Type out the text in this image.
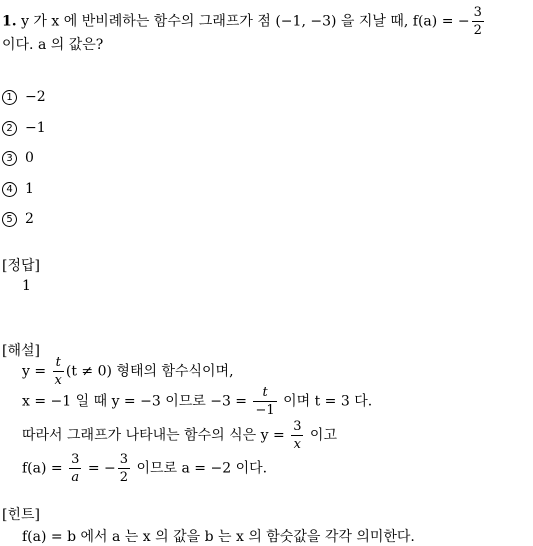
1. y 가 x 에 반비례하는 함수의 그래프가 점 (−1, −3) 을 지날 때, f(a) = − $\frac{3}{2}$
이다. a 의 값은?
1 −2
2 −1
3 0
4 1
5 2
[정답]
1
[해설]
$y = \frac{t}{x} (t \ne 0)$ 형태의 함수식이며,
x = −1 일 때 y = −3 이므로 $-3 = \frac{t}{-1}$ 이며 t = 3 다.
따라서 그래프가 나타내는 함수의 식은 $y = \frac{3}{x}$ 이고
$f(a) = \frac{3}{a}$ = − $\frac{3}{2}$ 이므로 a = −2 이다.
[힌트]
f(a) = b 에서 a 는 x 의 값을 b 는 x 의 함숫값을 각각 의미한다.
